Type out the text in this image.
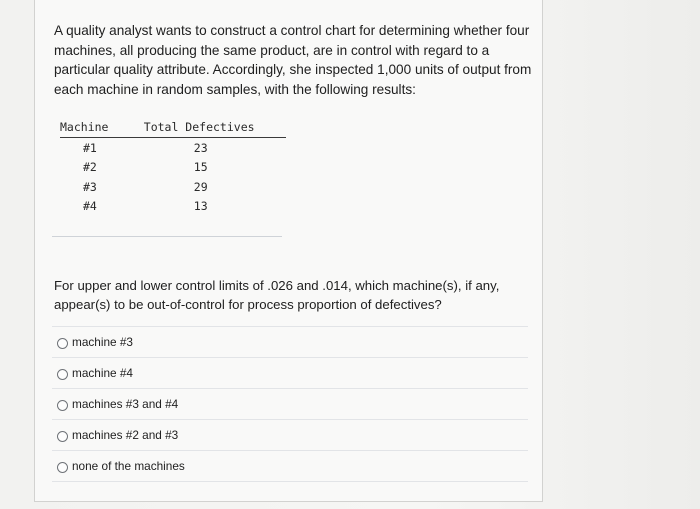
A quality analyst wants to construct a control chart for determining whether four machines, all producing the same product, are in control with regard to a particular quality attribute. Accordingly, she inspected 1,000 units of output from each machine in random samples, with the following results:
Machine	Total Defectives
#1	23
#2	15
#3	29
#4	13
For upper and lower control limits of .026 and .014, which machine(s), if any, appear(s) to be out-of-control for process proportion of defectives?
machine #3
machine #4
machines #3 and #4
machines #2 and #3
none of the machines
